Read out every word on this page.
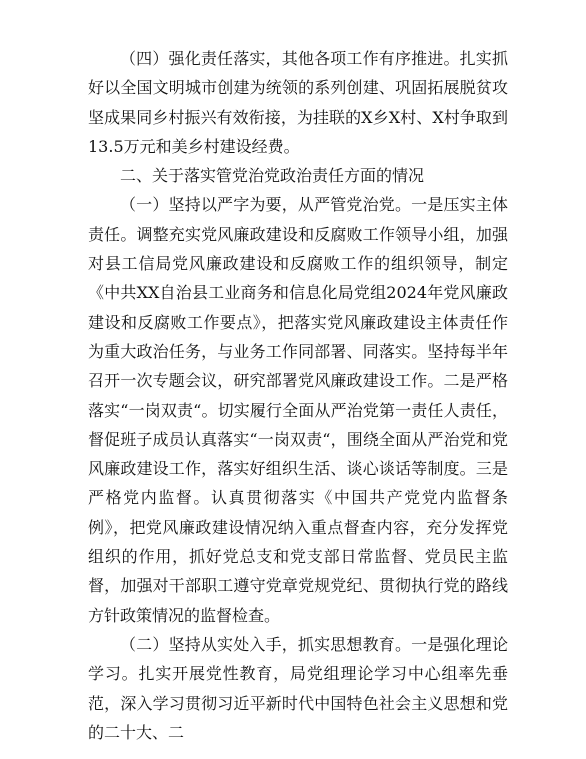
（四）强化责任落实，其他各项工作有序推进。扎实抓好以全国文明城市创建为统领的系列创建、巩固拓展脱贫攻坚成果同乡村振兴有效衔接，为挂联的X乡X村、X村争取到13.5万元和美乡村建设经费。

二、关于落实管党治党政治责任方面的情况

（一）坚持以严字为要，从严管党治党。一是压实主体责任。调整充实党风廉政建设和反腐败工作领导小组，加强对县工信局党风廉政建设和反腐败工作的组织领导，制定《中共XX自治县工业商务和信息化局党组2024年党风廉政建设和反腐败工作要点》，把落实党风廉政建设主体责任作为重大政治任务，与业务工作同部署、同落实。坚持每半年召开一次专题会议，研究部署党风廉政建设工作。二是严格落实“一岗双责“。切实履行全面从严治党第一责任人责任，督促班子成员认真落实“一岗双责“，围绕全面从严治党和党风廉政建设工作，落实好组织生活、谈心谈话等制度。三是严格党内监督。认真贯彻落实《中国共产党党内监督条例》，把党风廉政建设情况纳入重点督查内容，充分发挥党组织的作用，抓好党总支和党支部日常监督、党员民主监督，加强对干部职工遵守党章党规党纪、贯彻执行党的路线方针政策情况的监督检查。

（二）坚持从实处入手，抓实思想教育。一是强化理论学习。扎实开展党性教育，局党组理论学习中心组率先垂范，深入学习贯彻习近平新时代中国特色社会主义思想和党的二十大、二
